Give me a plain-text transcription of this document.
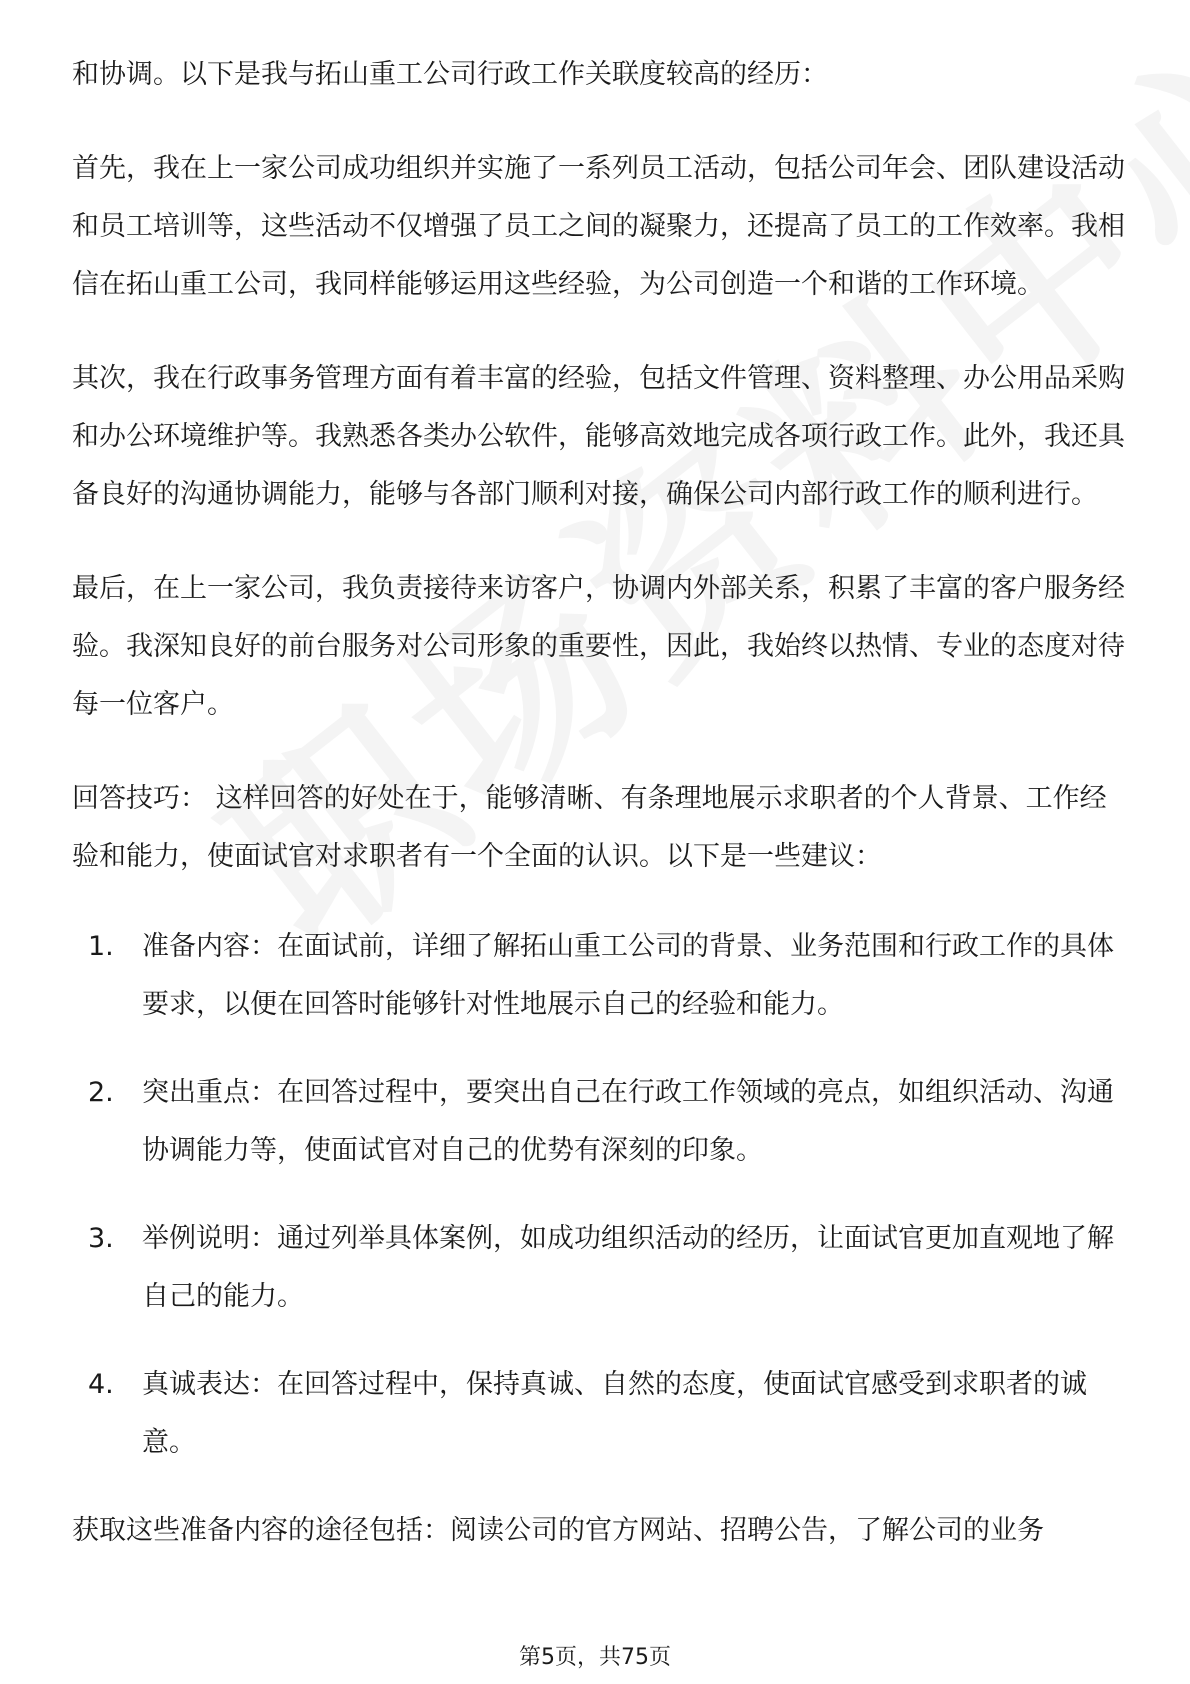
和协调。以下是我与拓山重工公司行政工作关联度较高的经历：

首先，我在上一家公司成功组织并实施了一系列员工活动，包括公司年会、团队建设活动和员工培训等，这些活动不仅增强了员工之间的凝聚力，还提高了员工的工作效率。我相信在拓山重工公司，我同样能够运用这些经验，为公司创造一个和谐的工作环境。

其次，我在行政事务管理方面有着丰富的经验，包括文件管理、资料整理、办公用品采购和办公环境维护等。我熟悉各类办公软件，能够高效地完成各项行政工作。此外，我还具备良好的沟通协调能力，能够与各部门顺利对接，确保公司内部行政工作的顺利进行。

最后，在上一家公司，我负责接待来访客户，协调内外部关系，积累了丰富的客户服务经验。我深知良好的前台服务对公司形象的重要性，因此，我始终以热情、专业的态度对待每一位客户。

回答技巧： 这样回答的好处在于，能够清晰、有条理地展示求职者的个人背景、工作经验和能力，使面试官对求职者有一个全面的认识。以下是一些建议：

1.	准备内容：在面试前，详细了解拓山重工公司的背景、业务范围和行政工作的具体要求，以便在回答时能够针对性地展示自己的经验和能力。
2.	突出重点：在回答过程中，要突出自己在行政工作领域的亮点，如组织活动、沟通协调能力等，使面试官对自己的优势有深刻的印象。
3.	举例说明：通过列举具体案例，如成功组织活动的经历，让面试官更加直观地了解自己的能力。
4.	真诚表达：在回答过程中，保持真诚、自然的态度，使面试官感受到求职者的诚意。

获取这些准备内容的途径包括：阅读公司的官方网站、招聘公告，了解公司的业务

第5页，共75页
